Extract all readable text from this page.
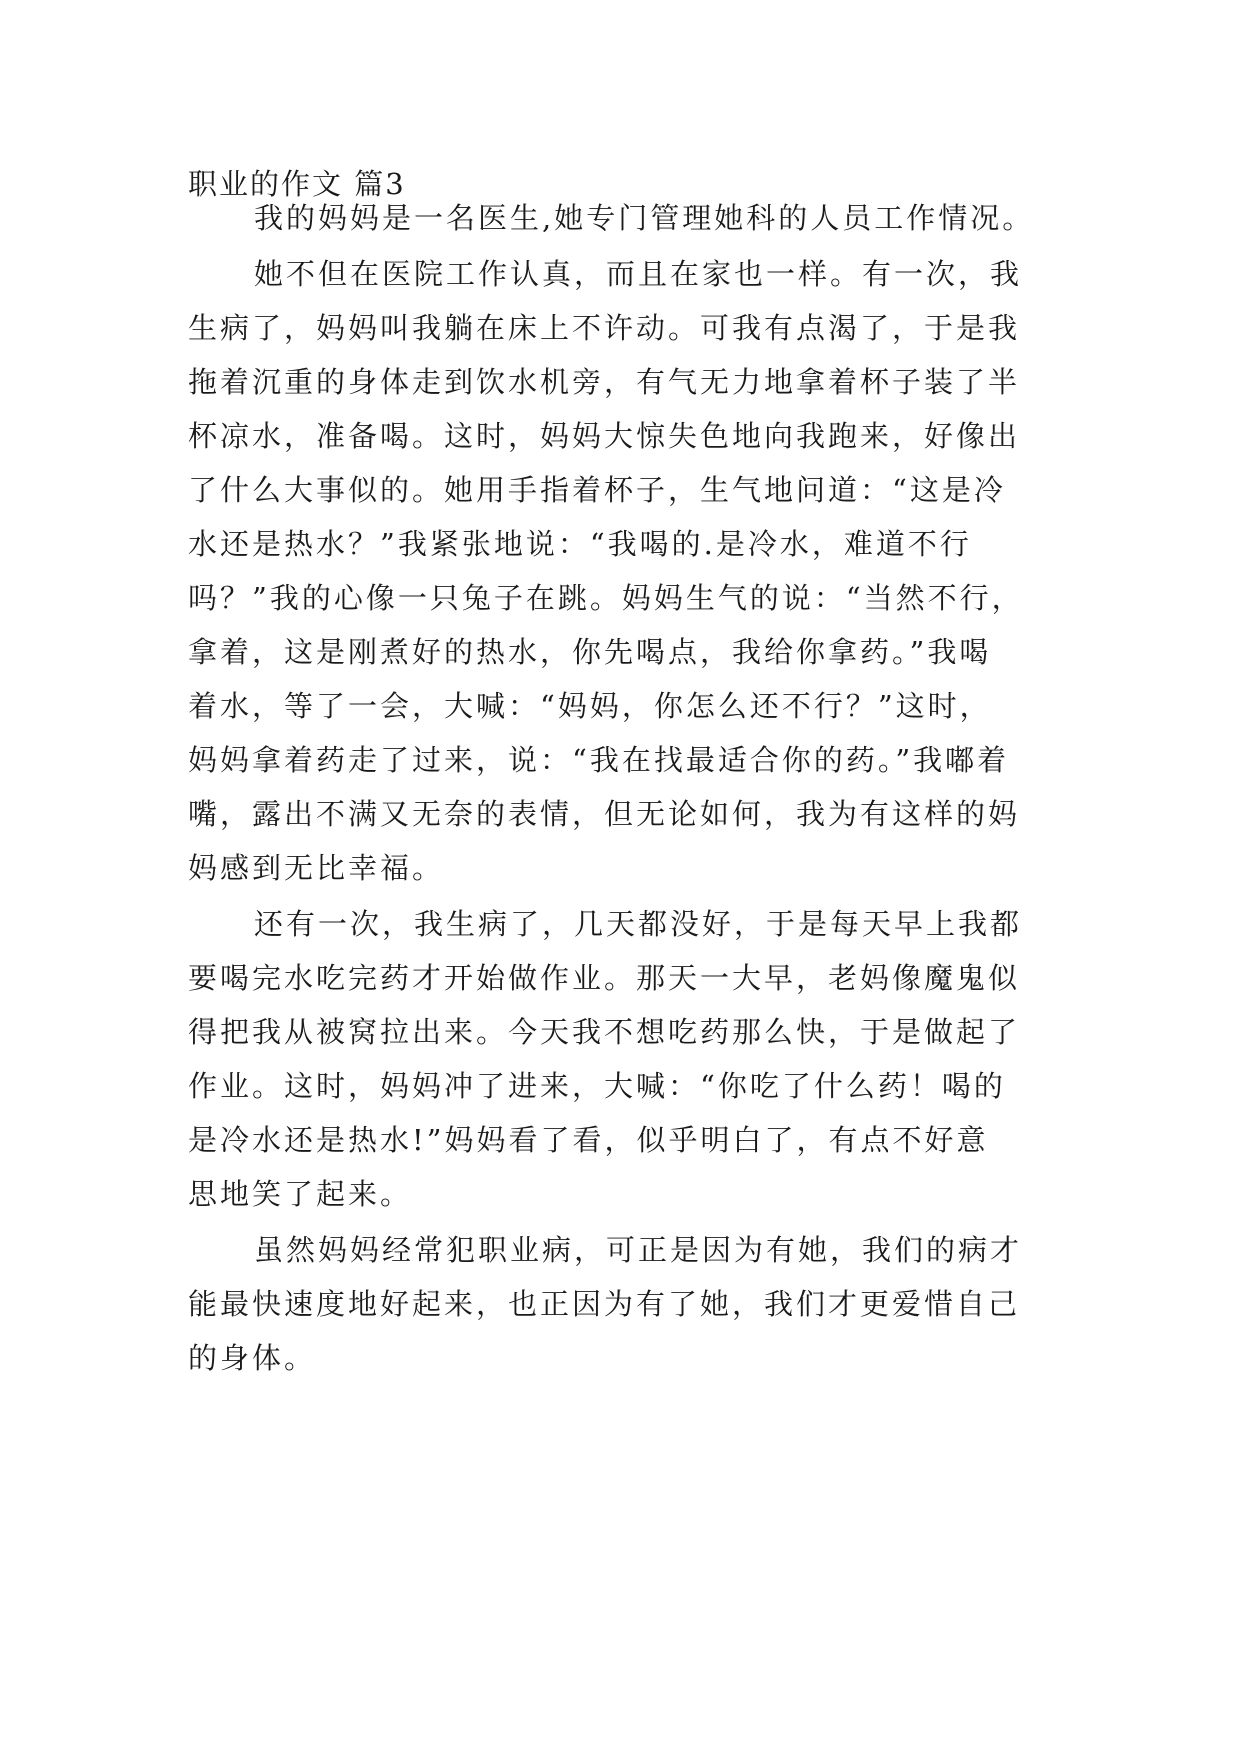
职业的作文 篇3
我的妈妈是一名医生,她专门管理她科的人员工作情况。
她不但在医院工作认真，而且在家也一样。有一次，我
生病了，妈妈叫我躺在床上不许动。可我有点渴了，于是我
拖着沉重的身体走到饮水机旁，有气无力地拿着杯子装了半
杯凉水，准备喝。这时，妈妈大惊失色地向我跑来，好像出
了什么大事似的。她用手指着杯子，生气地问道：“这是冷
水还是热水？”我紧张地说：“我喝的.是冷水，难道不行
吗？”我的心像一只兔子在跳。妈妈生气的说：“当然不行，
拿着，这是刚煮好的热水，你先喝点，我给你拿药。”我喝
着水，等了一会，大喊：“妈妈，你怎么还不行？”这时，
妈妈拿着药走了过来，说：“我在找最适合你的药。”我嘟着
嘴，露出不满又无奈的表情，但无论如何，我为有这样的妈
妈感到无比幸福。
还有一次，我生病了，几天都没好，于是每天早上我都
要喝完水吃完药才开始做作业。那天一大早，老妈像魔鬼似
得把我从被窝拉出来。今天我不想吃药那么快，于是做起了
作业。这时，妈妈冲了进来，大喊：“你吃了什么药！喝的
是冷水还是热水!”妈妈看了看，似乎明白了，有点不好意
思地笑了起来。
虽然妈妈经常犯职业病，可正是因为有她，我们的病才
能最快速度地好起来，也正因为有了她，我们才更爱惜自己
的身体。
